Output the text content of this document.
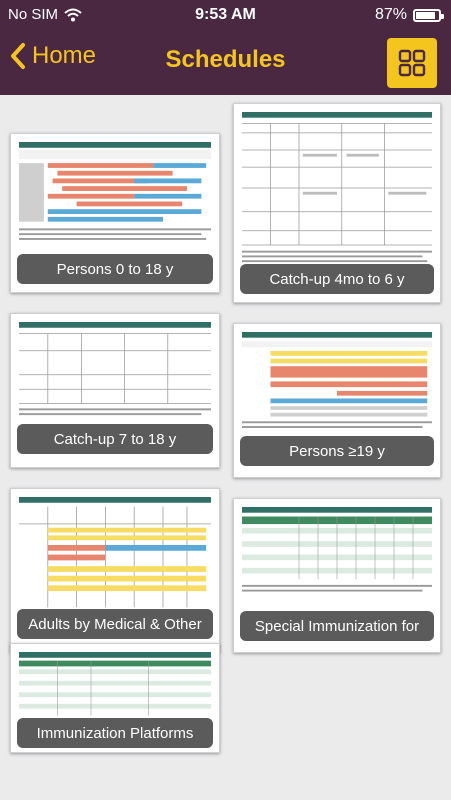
No SIM	9:53 AM	87%
Home	Schedules
Persons 0 to 18 y
Catch-up 4mo to 6 y
Catch-up 7 to 18 y
Persons ≥19 y
Adults by Medical & Other	Special Immunization for
Immunization Platforms
